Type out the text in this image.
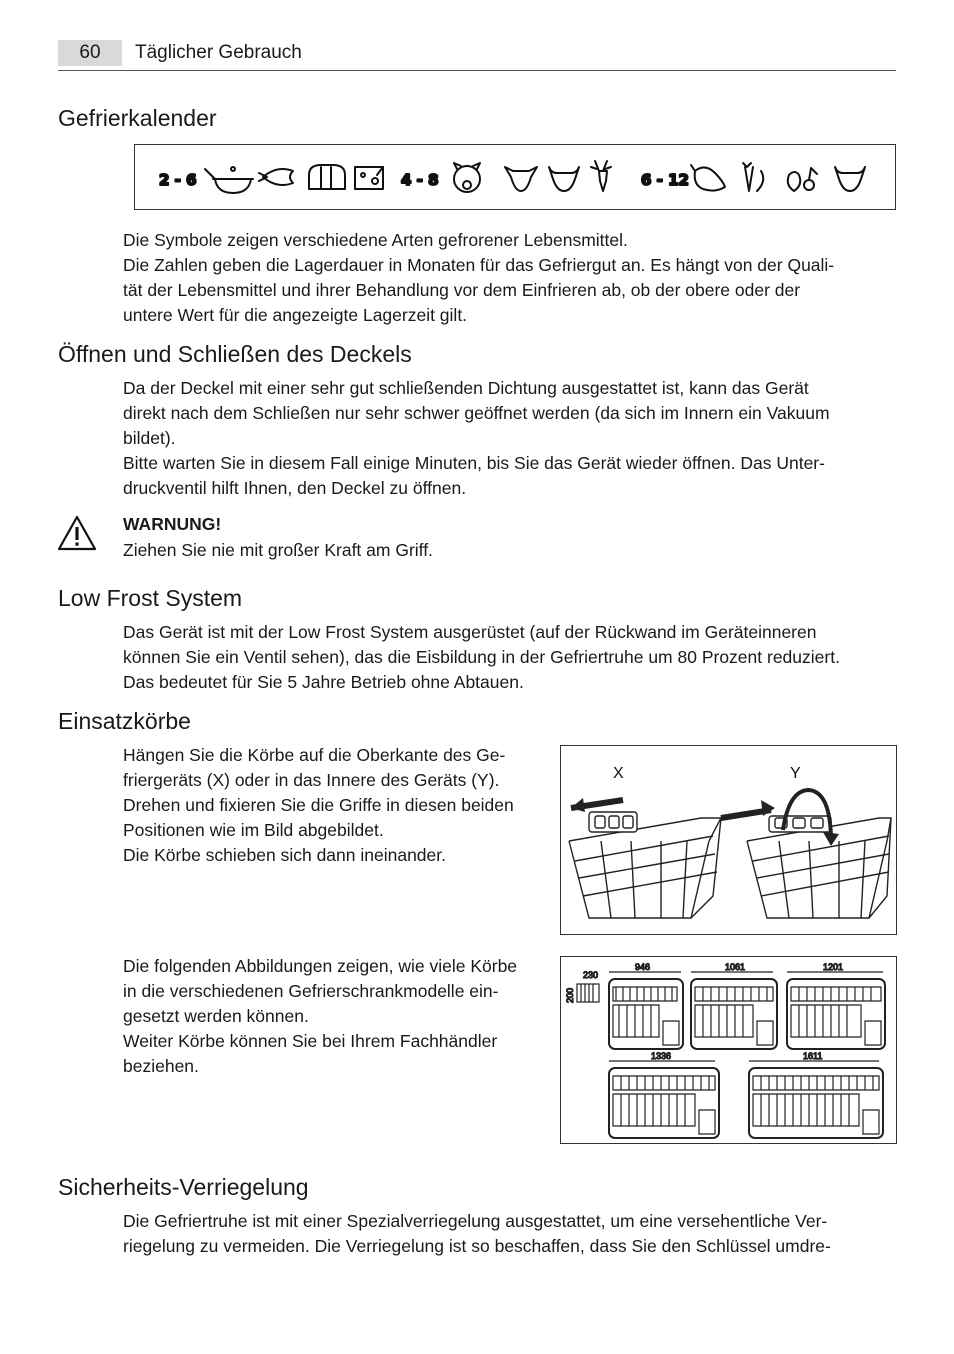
60	Täglicher Gebrauch
Gefrierkalender
2 - 6	4 - 8	6 - 12

Die Symbole zeigen verschiedene Arten gefrorener Lebensmittel.

Die Zahlen geben die Lagerdauer in Monaten für das Gefriergut an. Es hängt von der Quali-

tät der Lebensmittel und ihrer Behandlung vor dem Einfrieren ab, ob der obere oder der

untere Wert für die angezeigte Lagerzeit gilt.

Öffnen und Schließen des Deckels

Da der Deckel mit einer sehr gut schließenden Dichtung ausgestattet ist, kann das Gerät

direkt nach dem Schließen nur sehr schwer geöffnet werden (da sich im Innern ein Vakuum

bildet).

Bitte warten Sie in diesem Fall einige Minuten, bis Sie das Gerät wieder öffnen. Das Unter-

druckventil hilft Ihnen, den Deckel zu öffnen.

WARNUNG!
Ziehen Sie nie mit großer Kraft am Griff.
Low Frost System

Das Gerät ist mit der Low Frost System ausgerüstet (auf der Rückwand im Geräteinneren

können Sie ein Ventil sehen), das die Eisbildung in der Gefriertruhe um 80 Prozent reduziert.

Das bedeutet für Sie 5 Jahre Betrieb ohne Abtauen.

Einsatzkörbe

Hängen Sie die Körbe auf die Oberkante des Ge-

friergeräts (X) oder in das Innere des Geräts (Y).

Drehen und fixieren Sie die Griffe in diesen beiden

Positionen wie im Bild abgebildet.

Die Körbe schieben sich dann ineinander.

X	Y

Die folgenden Abbildungen zeigen, wie viele Körbe

in die verschiedenen Gefrierschrankmodelle ein-

gesetzt werden können.

Weiter Körbe können Sie bei Ihrem Fachhändler

beziehen.

230
200
946	1061	1201
1336	1611
Sicherheits-Verriegelung

Die Gefriertruhe ist mit einer Spezialverriegelung ausgestattet, um eine versehentliche Ver-

riegelung zu vermeiden. Die Verriegelung ist so beschaffen, dass Sie den Schlüssel umdre-
